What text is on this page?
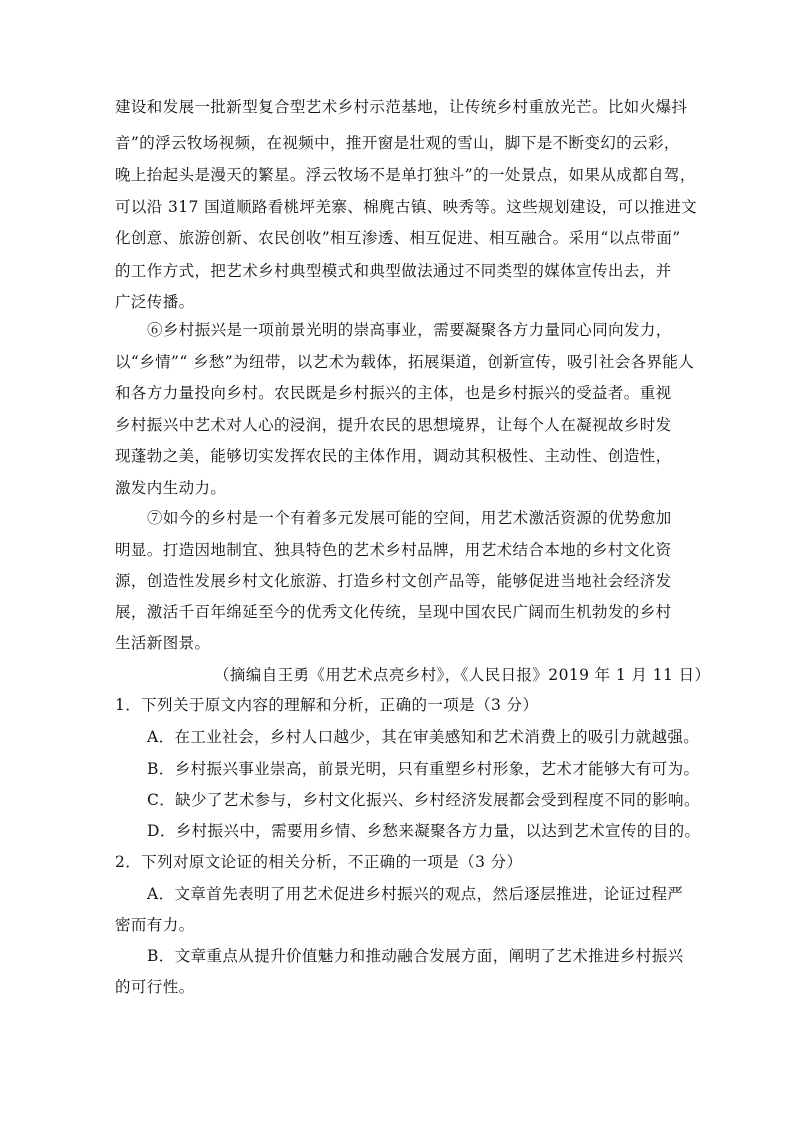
建设和发展一批新型复合型艺术乡村示范基地，让传统乡村重放光芒。比如火爆抖
音”的浮云牧场视频，在视频中，推开窗是壮观的雪山，脚下是不断变幻的云彩，
晚上抬起头是漫天的繁星。浮云牧场不是单打独斗”的一处景点，如果从成都自驾，
可以沿 317 国道顺路看桃坪羌寨、棉麂古镇、映秀等。这些规划建设，可以推进文
化创意、旅游创新、农民创收”相互渗透、相互促进、相互融合。采用“以点带面”
的工作方式，把艺术乡村典型模式和典型做法通过不同类型的媒体宣传出去，并
广泛传播。
⑥乡村振兴是一项前景光明的崇高事业，需要凝聚各方力量同心同向发力，
以“乡情”“ 乡愁”为纽带，以艺术为载体，拓展渠道，创新宣传，吸引社会各界能人
和各方力量投向乡村。农民既是乡村振兴的主体，也是乡村振兴的受益者。重视
乡村振兴中艺术对人心的浸润，提升农民的思想境界，让每个人在凝视故乡时发
现蓬勃之美，能够切实发挥农民的主体作用，调动其积极性、主动性、创造性，
激发内生动力。
⑦如今的乡村是一个有着多元发展可能的空间，用艺术激活资源的优势愈加
明显。打造因地制宜、独具特色的艺术乡村品牌，用艺术结合本地的乡村文化资
源，创造性发展乡村文化旅游、打造乡村文创产品等，能够促进当地社会经济发
展，激活千百年绵延至今的优秀文化传统，呈现中国农民广阔而生机勃发的乡村
生活新图景。
（摘编自王勇《用艺术点亮乡村》，《人民日报》2019 年 1 月 11 日）
1．下列关于原文内容的理解和分析，正确的一项是（3 分）
A．在工业社会，乡村人口越少，其在审美感知和艺术消费上的吸引力就越强。
B．乡村振兴事业崇高，前景光明，只有重塑乡村形象，艺术才能够大有可为。
C．缺少了艺术参与，乡村文化振兴、乡村经济发展都会受到程度不同的影响。
D．乡村振兴中，需要用乡情、乡愁来凝聚各方力量，以达到艺术宣传的目的。
2．下列对原文论证的相关分析，不正确的一项是（3 分）
A．文章首先表明了用艺术促进乡村振兴的观点，然后逐层推进，论证过程严
密而有力。
B．文章重点从提升价值魅力和推动融合发展方面，阐明了艺术推进乡村振兴
的可行性。
